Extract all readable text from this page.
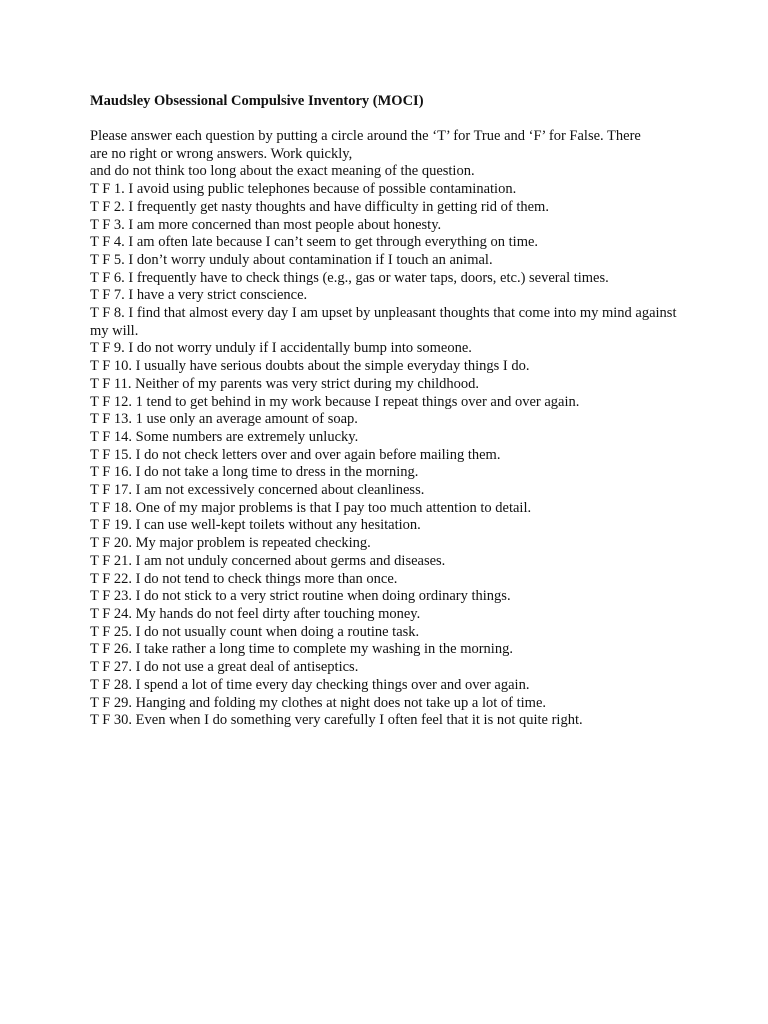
Maudsley Obsessional Compulsive Inventory (MOCI)

Please answer each question by putting a circle around the ‘T’ for True and ‘F’ for False. There
are no right or wrong answers. Work quickly,
and do not think too long about the exact meaning of the question.

T F 1. I avoid using public telephones because of possible contamination.
T F 2. I frequently get nasty thoughts and have difficulty in getting rid of them.
T F 3. I am more concerned than most people about honesty.
T F 4. I am often late because I can’t seem to get through everything on time.
T F 5. I don’t worry unduly about contamination if I touch an animal.
T F 6. I frequently have to check things (e.g., gas or water taps, doors, etc.) several times.
T F 7. I have a very strict conscience.
T F 8. I find that almost every day I am upset by unpleasant thoughts that come into my mind against my will.
T F 9. I do not worry unduly if I accidentally bump into someone.
T F 10. I usually have serious doubts about the simple everyday things I do.
T F 11. Neither of my parents was very strict during my childhood.
T F 12. 1 tend to get behind in my work because I repeat things over and over again.
T F 13. 1 use only an average amount of soap.
T F 14. Some numbers are extremely unlucky.
T F 15. I do not check letters over and over again before mailing them.
T F 16. I do not take a long time to dress in the morning.
T F 17. I am not excessively concerned about cleanliness.
T F 18. One of my major problems is that I pay too much attention to detail.
T F 19. I can use well-kept toilets without any hesitation.
T F 20. My major problem is repeated checking.
T F 21. I am not unduly concerned about germs and diseases.
T F 22. I do not tend to check things more than once.
T F 23. I do not stick to a very strict routine when doing ordinary things.
T F 24. My hands do not feel dirty after touching money.
T F 25. I do not usually count when doing a routine task.
T F 26. I take rather a long time to complete my washing in the morning.
T F 27. I do not use a great deal of antiseptics.
T F 28. I spend a lot of time every day checking things over and over again.
T F 29. Hanging and folding my clothes at night does not take up a lot of time.
T F 30. Even when I do something very carefully I often feel that it is not quite right.
